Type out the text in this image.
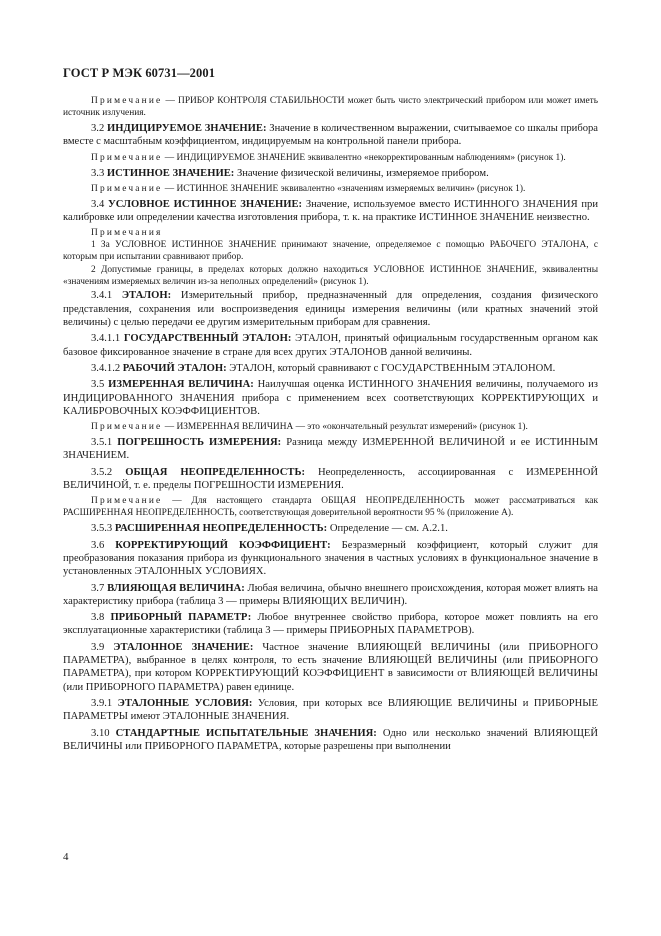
ГОСТ Р МЭК 60731—2001

Примечание — ПРИБОР КОНТРОЛЯ СТАБИЛЬНОСТИ может быть чисто электрический прибором или может иметь источник излучения.

3.2 ИНДИЦИРУЕМОЕ ЗНАЧЕНИЕ: Значение в количественном выражении, считываемое со шкалы прибора вместе с масштабным коэффициентом, индицируемым на контрольной панели прибора.

Примечание — ИНДИЦИРУЕМОЕ ЗНАЧЕНИЕ эквивалентно «некорректированным наблюдениям» (рисунок 1).

3.3 ИСТИННОЕ ЗНАЧЕНИЕ: Значение физической величины, измеряемое прибором.

Примечание — ИСТИННОЕ ЗНАЧЕНИЕ эквивалентно «значениям измеряемых величин» (рисунок 1).

3.4 УСЛОВНОЕ ИСТИННОЕ ЗНАЧЕНИЕ: Значение, используемое вместо ИСТИННОГО ЗНАЧЕНИЯ при калибровке или определении качества изготовления прибора, т. к. на практике ИСТИННОЕ ЗНАЧЕНИЕ неизвестно.

Примечания

1 За УСЛОВНОЕ ИСТИННОЕ ЗНАЧЕНИЕ принимают значение, определяемое с помощью РАБОЧЕГО ЭТАЛОНА, с которым при испытании сравнивают прибор.

2 Допустимые границы, в пределах которых должно находиться УСЛОВНОЕ ИСТИННОЕ ЗНАЧЕНИЕ, эквивалентны «значениям измеряемых величин из-за неполных определений» (рисунок 1).

3.4.1 ЭТАЛОН: Измерительный прибор, предназначенный для определения, создания физического представления, сохранения или воспроизведения единицы измерения величины (или кратных значений этой величины) с целью передачи ее другим измерительным приборам для сравнения.

3.4.1.1 ГОСУДАРСТВЕННЫЙ ЭТАЛОН: ЭТАЛОН, принятый официальным государственным органом как базовое фиксированное значение в стране для всех других ЭТАЛОНОВ данной величины.

3.4.1.2 РАБОЧИЙ ЭТАЛОН: ЭТАЛОН, который сравнивают с ГОСУДАРСТВЕННЫМ ЭТАЛОНОМ.

3.5 ИЗМЕРЕННАЯ ВЕЛИЧИНА: Наилучшая оценка ИСТИННОГО ЗНАЧЕНИЯ величины, получаемого из ИНДИЦИРОВАННОГО ЗНАЧЕНИЯ прибора с применением всех соответствующих КОРРЕКТИРУЮЩИХ и КАЛИБРОВОЧНЫХ КОЭФФИЦИЕНТОВ.

Примечание — ИЗМЕРЕННАЯ ВЕЛИЧИНА — это «окончательный результат измерений» (рисунок 1).

3.5.1 ПОГРЕШНОСТЬ ИЗМЕРЕНИЯ: Разница между ИЗМЕРЕННОЙ ВЕЛИЧИНОЙ и ее ИСТИННЫМ ЗНАЧЕНИЕМ.

3.5.2 ОБЩАЯ НЕОПРЕДЕЛЕННОСТЬ: Неопределенность, ассоциированная с ИЗМЕРЕННОЙ ВЕЛИЧИНОЙ, т. е. пределы ПОГРЕШНОСТИ ИЗМЕРЕНИЯ.

Примечание — Для настоящего стандарта ОБЩАЯ НЕОПРЕДЕЛЕННОСТЬ может рассматриваться как РАСШИРЕННАЯ НЕОПРЕДЕЛЕННОСТЬ, соответствующая доверительной вероятности 95 % (приложение А).

3.5.3 РАСШИРЕННАЯ НЕОПРЕДЕЛЕННОСТЬ: Определение — см. А.2.1.

3.6 КОРРЕКТИРУЮЩИЙ КОЭФФИЦИЕНТ: Безразмерный коэффициент, который служит для преобразования показания прибора из функционального значения в частных условиях в функциональное значение в установленных ЭТАЛОННЫХ УСЛОВИЯХ.

3.7 ВЛИЯЮЩАЯ ВЕЛИЧИНА: Любая величина, обычно внешнего происхождения, которая может влиять на характеристику прибора (таблица 3 — примеры ВЛИЯЮЩИХ ВЕЛИЧИН).

3.8 ПРИБОРНЫЙ ПАРАМЕТР: Любое внутреннее свойство прибора, которое может повлиять на его эксплуатационные характеристики (таблица 3 — примеры ПРИБОРНЫХ ПАРАМЕТРОВ).

3.9 ЭТАЛОННОЕ ЗНАЧЕНИЕ: Частное значение ВЛИЯЮЩЕЙ ВЕЛИЧИНЫ (или ПРИБОРНОГО ПАРАМЕТРА), выбранное в целях контроля, то есть значение ВЛИЯЮЩЕЙ ВЕЛИЧИНЫ (или ПРИБОРНОГО ПАРАМЕТРА), при котором КОРРЕКТИРУЮЩИЙ КОЭФФИЦИЕНТ в зависимости от ВЛИЯЮЩЕЙ ВЕЛИЧИНЫ (или ПРИБОРНОГО ПАРАМЕТРА) равен единице.

3.9.1 ЭТАЛОННЫЕ УСЛОВИЯ: Условия, при которых все ВЛИЯЮЩИЕ ВЕЛИЧИНЫ и ПРИБОРНЫЕ ПАРАМЕТРЫ имеют ЭТАЛОННЫЕ ЗНАЧЕНИЯ.

3.10 СТАНДАРТНЫЕ ИСПЫТАТЕЛЬНЫЕ ЗНАЧЕНИЯ: Одно или несколько значений ВЛИЯЮЩЕЙ ВЕЛИЧИНЫ или ПРИБОРНОГО ПАРАМЕТРА, которые разрешены при выполнении

4
